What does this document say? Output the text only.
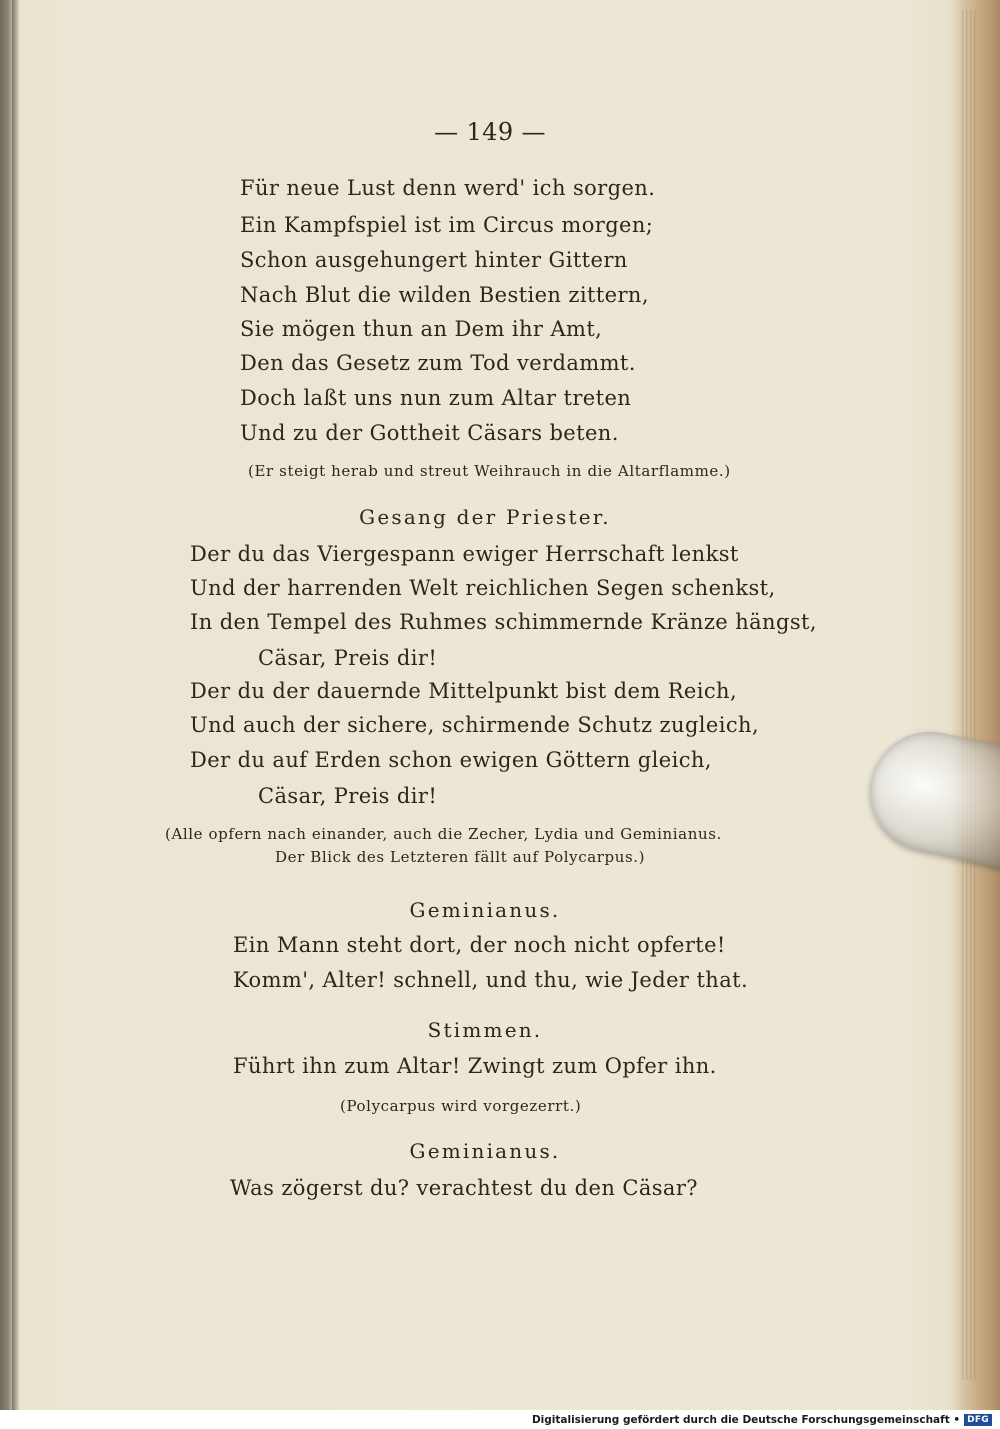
— 149 —
Für neue Lust denn werd' ich sorgen.
Ein Kampfspiel ist im Circus morgen;
Schon ausgehungert hinter Gittern
Nach Blut die wilden Bestien zittern,
Sie mögen thun an Dem ihr Amt,
Den das Gesetz zum Tod verdammt.
Doch laßt uns nun zum Altar treten
Und zu der Gottheit Cäsars beten.
(Er steigt herab und streut Weihrauch in die Altarflamme.)
Gesang der Priester.
Der du das Viergespann ewiger Herrschaft lenkst
Und der harrenden Welt reichlichen Segen schenkst,
In den Tempel des Ruhmes schimmernde Kränze hängst,
Cäsar, Preis dir!
Der du der dauernde Mittelpunkt bist dem Reich,
Und auch der sichere, schirmende Schutz zugleich,
Der du auf Erden schon ewigen Göttern gleich,
Cäsar, Preis dir!
(Alle opfern nach einander, auch die Zecher, Lydia und Geminianus.
Der Blick des Letzteren fällt auf Polycarpus.)
Geminianus.
Ein Mann steht dort, der noch nicht opferte!
Komm', Alter! schnell, und thu, wie Jeder that.
Stimmen.
Führt ihn zum Altar! Zwingt zum Opfer ihn.
(Polycarpus wird vorgezerrt.)
Geminianus.
Was zögerst du? verachtest du den Cäsar?
Digitalisierung gefördert durch die Deutsche Forschungsgemeinschaft • DFG
